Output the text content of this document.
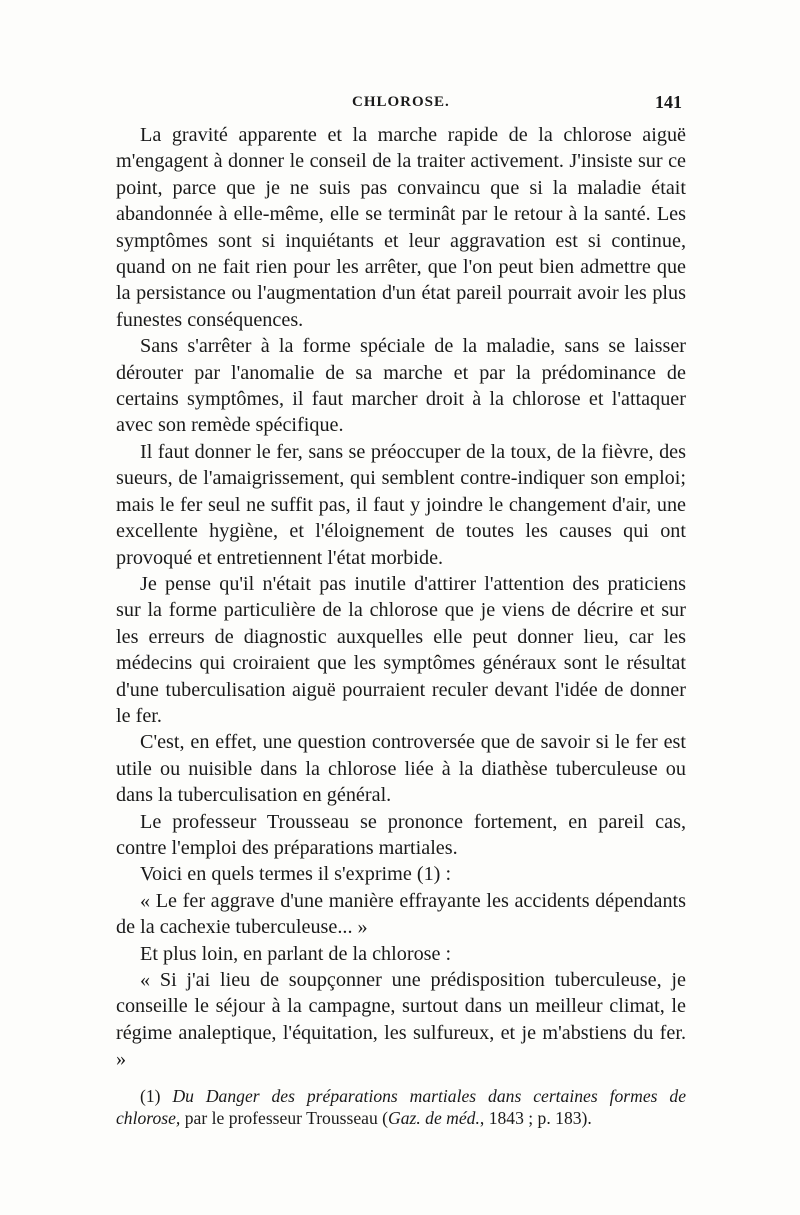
CHLOROSE.	141

La gravité apparente et la marche rapide de la chlorose aiguë m'engagent à donner le conseil de la traiter activement. J'insiste sur ce point, parce que je ne suis pas convaincu que si la maladie était abandonnée à elle-même, elle se terminât par le retour à la santé. Les symptômes sont si inquiétants et leur aggravation est si continue, quand on ne fait rien pour les arrêter, que l'on peut bien admettre que la persistance ou l'augmentation d'un état pareil pourrait avoir les plus funestes conséquences.

Sans s'arrêter à la forme spéciale de la maladie, sans se laisser dérouter par l'anomalie de sa marche et par la prédominance de certains symptômes, il faut marcher droit à la chlorose et l'attaquer avec son remède spécifique.

Il faut donner le fer, sans se préoccuper de la toux, de la fièvre, des sueurs, de l'amaigrissement, qui semblent contre-indiquer son emploi; mais le fer seul ne suffit pas, il faut y joindre le changement d'air, une excellente hygiène, et l'éloignement de toutes les causes qui ont provoqué et entretiennent l'état morbide.

Je pense qu'il n'était pas inutile d'attirer l'attention des praticiens sur la forme particulière de la chlorose que je viens de décrire et sur les erreurs de diagnostic auxquelles elle peut donner lieu, car les médecins qui croiraient que les symptômes généraux sont le résultat d'une tuberculisation aiguë pourraient reculer devant l'idée de donner le fer.

C'est, en effet, une question controversée que de savoir si le fer est utile ou nuisible dans la chlorose liée à la diathèse tuberculeuse ou dans la tuberculisation en général.

Le professeur Trousseau se prononce fortement, en pareil cas, contre l'emploi des préparations martiales.

Voici en quels termes il s'exprime (1) :

« Le fer aggrave d'une manière effrayante les accidents dépendants de la cachexie tuberculeuse... »

Et plus loin, en parlant de la chlorose :

« Si j'ai lieu de soupçonner une prédisposition tuberculeuse, je conseille le séjour à la campagne, surtout dans un meilleur climat, le régime analeptique, l'équitation, les sulfureux, et je m'abstiens du fer. »

(1) Du Danger des préparations martiales dans certaines formes de chlorose, par le professeur Trousseau (Gaz. de méd., 1843 ; p. 183).
